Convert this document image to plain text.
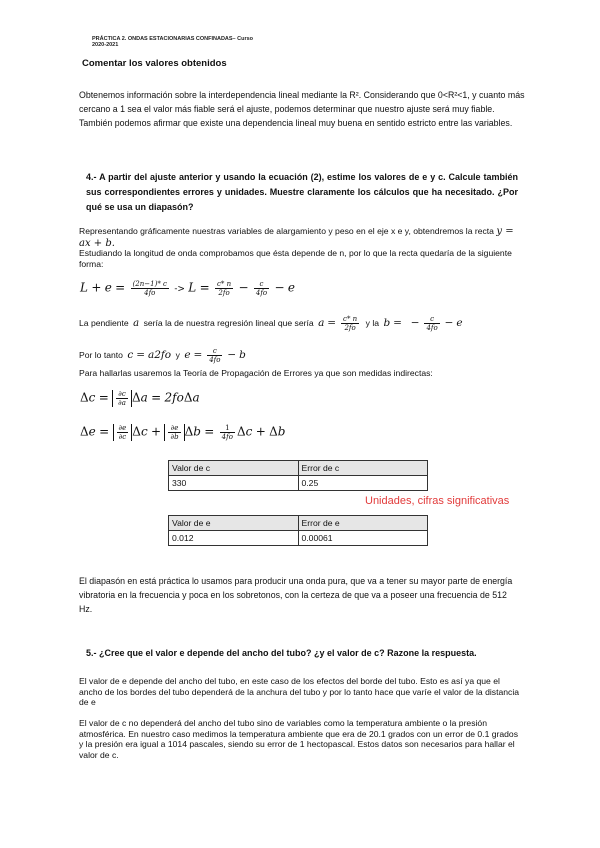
PRÁCTICA 2. ONDAS ESTACIONARIAS CONFINADAS– Curso
2020-2021
Comentar los valores obtenidos
Obtenemos información sobre la interdependencia lineal mediante la R². Considerando que 0<R²<1, y cuanto más cercano a 1 sea el valor más fiable será el ajuste, podemos determinar que nuestro ajuste será muy fiable. También podemos afirmar que existe una dependencia lineal muy buena en sentido estricto entre las variables.
4.- A partir del ajuste anterior y usando la ecuación (2), estime los valores de e y c. Calcule también sus correspondientes errores y unidades. Muestre claramente los cálculos que ha necesitado. ¿Por qué se usa un diapasón?
Representando gráficamente nuestras variables de alargamiento y peso en el eje x e y, obtendremos la recta y = ax + b.
Estudiando la longitud de onda comprobamos que ésta depende de n, por lo que la recta quedaría de la siguiente forma:
$L + e = \frac{(2n-1)* c}{4fo} -> L = \frac{c* n}{2fo} - \frac{c}{4fo} - e$
La pendiente a sería la de nuestra regresión lineal que sería $a = \frac{c* n}{2fo}$ y la b = − $\frac{c}{4fo} - e$
Por lo tanto c = a2fo y $e = \frac{c}{4fo} - b$
Para hallarlas usaremos la Teoría de Propagación de Errores ya que son medidas indirectas:
$\Delta c = \frac{\partial c}{\partial a}$ Δa = 2foΔa
$\Delta e = \frac{\partial e}{\partial c}$ $\Delta c + \frac{\partial e}{\partial b}$ $\Delta b = \frac{1}{4fo}$ Δc + Δb
Valor de c	Error de c
330	0.25
Unidades, cifras significativas
Valor de e	Error de e
0.012	0.00061
El diapasón en está práctica lo usamos para producir una onda pura, que va a tener su mayor parte de energía vibratoria en la frecuencia y poca en los sobretonos, con la certeza de que va a poseer una frecuencia de 512 Hz.
5.- ¿Cree que el valor e depende del ancho del tubo? ¿y el valor de c? Razone la respuesta.
El valor de e depende del ancho del tubo, en este caso de los efectos del borde del tubo. Esto es así ya que el ancho de los bordes del tubo dependerá de la anchura del tubo y por lo tanto hace que varíe el valor de la distancia de e
El valor de c no dependerá del ancho del tubo sino de variables como la temperatura ambiente o la presión atmosférica. En nuestro caso medimos la temperatura ambiente que era de 20.1 grados con un error de 0.1 grados y la presión era igual a 1014 pascales, siendo su error de 1 hectopascal. Estos datos son necesarios para hallar el valor de c.
